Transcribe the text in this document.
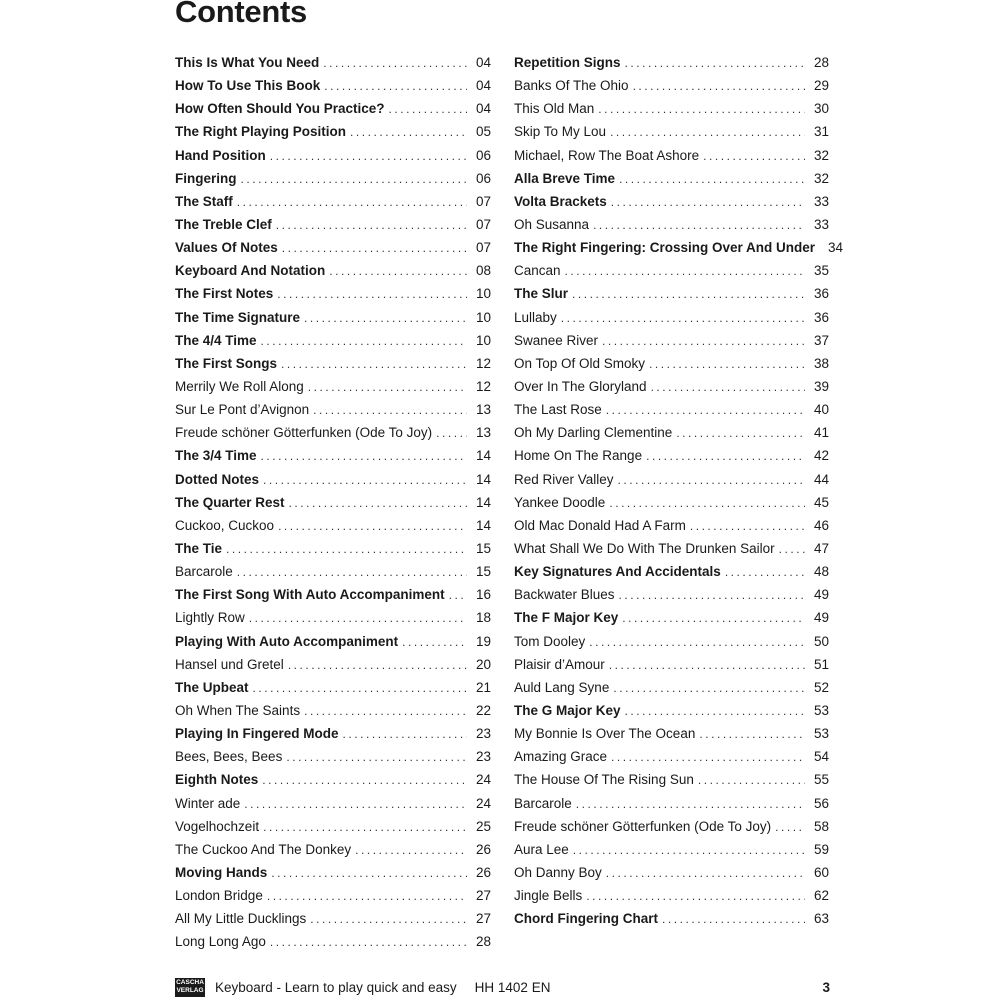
Contents
This Is What You Need . . .	04
How To Use This Book . . .	04
How Often Should You Practice? . . .	04
The Right Playing Position . . .	05
Hand Position . . .	06
Fingering . . .	06
The Staff . . .	07
The Treble Clef . . .	07
Values Of Notes . . .	07
Keyboard And Notation . . .	08
The First Notes . . .	10
The Time Signature . . .	10
The 4/4 Time . . .	10
The First Songs . . .	12
Merrily We Roll Along . . .	12
Sur Le Pont d’Avignon . . .	13
Freude schöner Götterfunken (Ode To Joy) . . .	13
The 3/4 Time . . .	14
Dotted Notes . . .	14
The Quarter Rest . . .	14
Cuckoo, Cuckoo . . .	14
The Tie . . .	15
Barcarole . . .	15
The First Song With Auto Accompaniment . . .	16
Lightly Row . . .	18
Playing With Auto Accompaniment . . .	19
Hansel und Gretel . . .	20
The Upbeat . . .	21
Oh When The Saints . . .	22
Playing In Fingered Mode . . .	23
Bees, Bees, Bees . . .	23
Eighth Notes . . .	24
Winter ade . . .	24
Vogelhochzeit . . .	25
The Cuckoo And The Donkey . . .	26
Moving Hands . . .	26
London Bridge . . .	27
All My Little Ducklings . . .	27
Long Long Ago . . .	28
Repetition Signs . . .	28
Banks Of The Ohio . . .	29
This Old Man . . .	30
Skip To My Lou . . .	31
Michael, Row The Boat Ashore . . .	32
Alla Breve Time . . .	32
Volta Brackets . . .	33
Oh Susanna . . .	33
The Right Fingering: Crossing Over And Under 34
Cancan . . .	35
The Slur . . .	36
Lullaby . . .	36
Swanee River . . .	37
On Top Of Old Smoky . . .	38
Over In The Gloryland . . .	39
The Last Rose . . .	40
Oh My Darling Clementine . . .	41
Home On The Range . . .	42
Red River Valley . . .	44
Yankee Doodle . . .	45
Old Mac Donald Had A Farm . . .	46
What Shall We Do With The Drunken Sailor . . .	47
Key Signatures And Accidentals . . .	48
Backwater Blues . . .	49
The F Major Key . . .	49
Tom Dooley . . .	50
Plaisir d’Amour . . .	51
Auld Lang Syne . . .	52
The G Major Key . . .	53
My Bonnie Is Over The Ocean . . .	53
Amazing Grace . . .	54
The House Of The Rising Sun . . .	55
Barcarole . . .	56
Freude schöner Götterfunken (Ode To Joy) . . .	58
Aura Lee . . .	59
Oh Danny Boy . . .	60
Jingle Bells . . .	62
Chord Fingering Chart . . .	63
CASCHA
VERLAG Keyboard - Learn to play quick and easy HH 1402 EN	3
